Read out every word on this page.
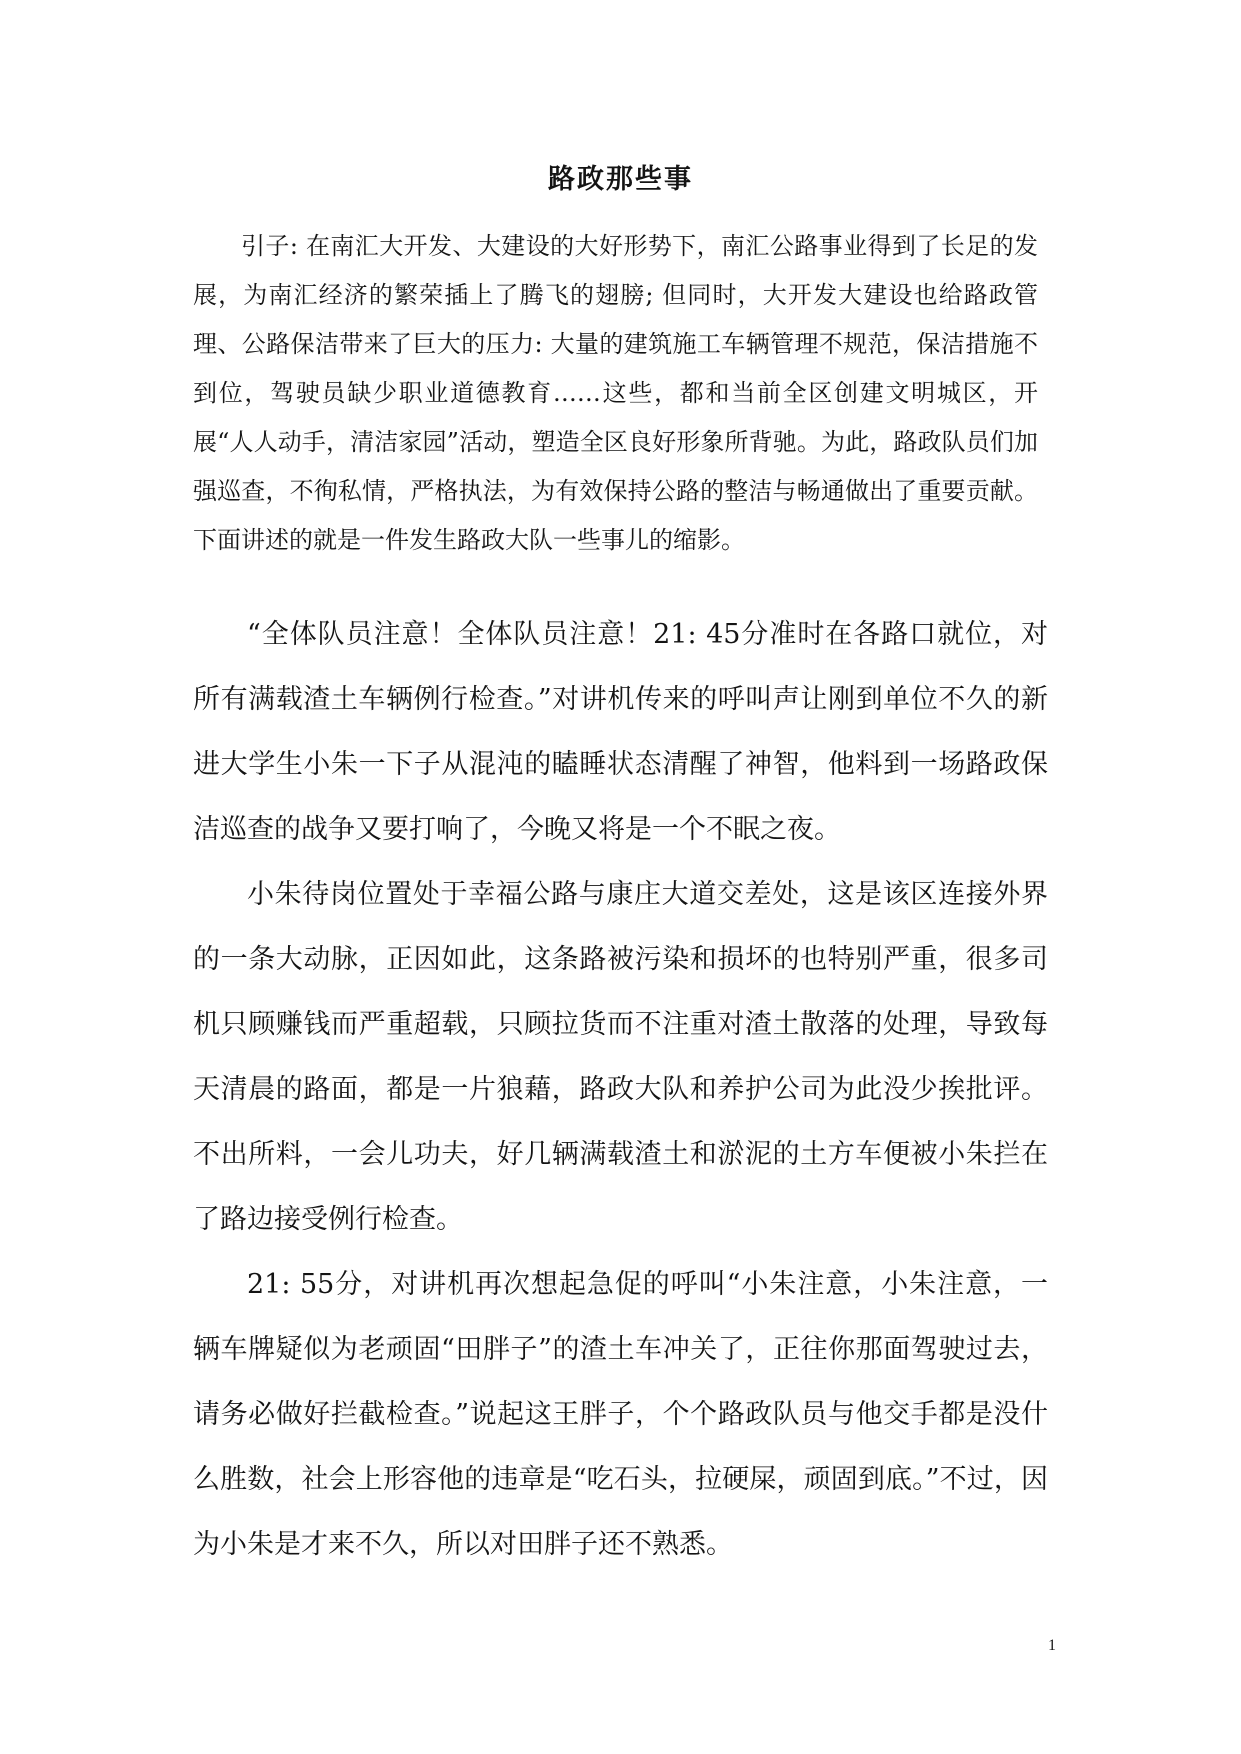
路政那些事

引子: 在南汇大开发、大建设的大好形势下，南汇公路事业得到了长足的发展，为南汇经济的繁荣插上了腾飞的翅膀; 但同时，大开发大建设也给路政管理、公路保洁带来了巨大的压力: 大量的建筑施工车辆管理不规范，保洁措施不到位，驾驶员缺少职业道德教育……这些，都和当前全区创建文明城区，开展“人人动手，清洁家园”活动，塑造全区良好形象所背驰。为此，路政队员们加强巡查，不徇私情，严格执法，为有效保持公路的整洁与畅通做出了重要贡献。下面讲述的就是一件发生路政大队一些事儿的缩影。

“全体队员注意！全体队员注意！21: 45分准时在各路口就位，对所有满载渣土车辆例行检查。”对讲机传来的呼叫声让刚到单位不久的新进大学生小朱一下子从混沌的瞌睡状态清醒了神智，他料到一场路政保洁巡查的战争又要打响了，今晚又将是一个不眠之夜。

小朱待岗位置处于幸福公路与康庄大道交差处，这是该区连接外界的一条大动脉，正因如此，这条路被污染和损坏的也特别严重，很多司机只顾赚钱而严重超载，只顾拉货而不注重对渣土散落的处理，导致每天清晨的路面，都是一片狼藉，路政大队和养护公司为此没少挨批评。不出所料，一会儿功夫，好几辆满载渣土和淤泥的土方车便被小朱拦在了路边接受例行检查。

21: 55分，对讲机再次想起急促的呼叫“小朱注意，小朱注意，一辆车牌疑似为老顽固“田胖子”的渣土车冲关了，正往你那面驾驶过去，请务必做好拦截检查。”说起这王胖子，个个路政队员与他交手都是没什么胜数，社会上形容他的违章是“吃石头，拉硬屎，顽固到底。”不过，因为小朱是才来不久，所以对田胖子还不熟悉。

1
